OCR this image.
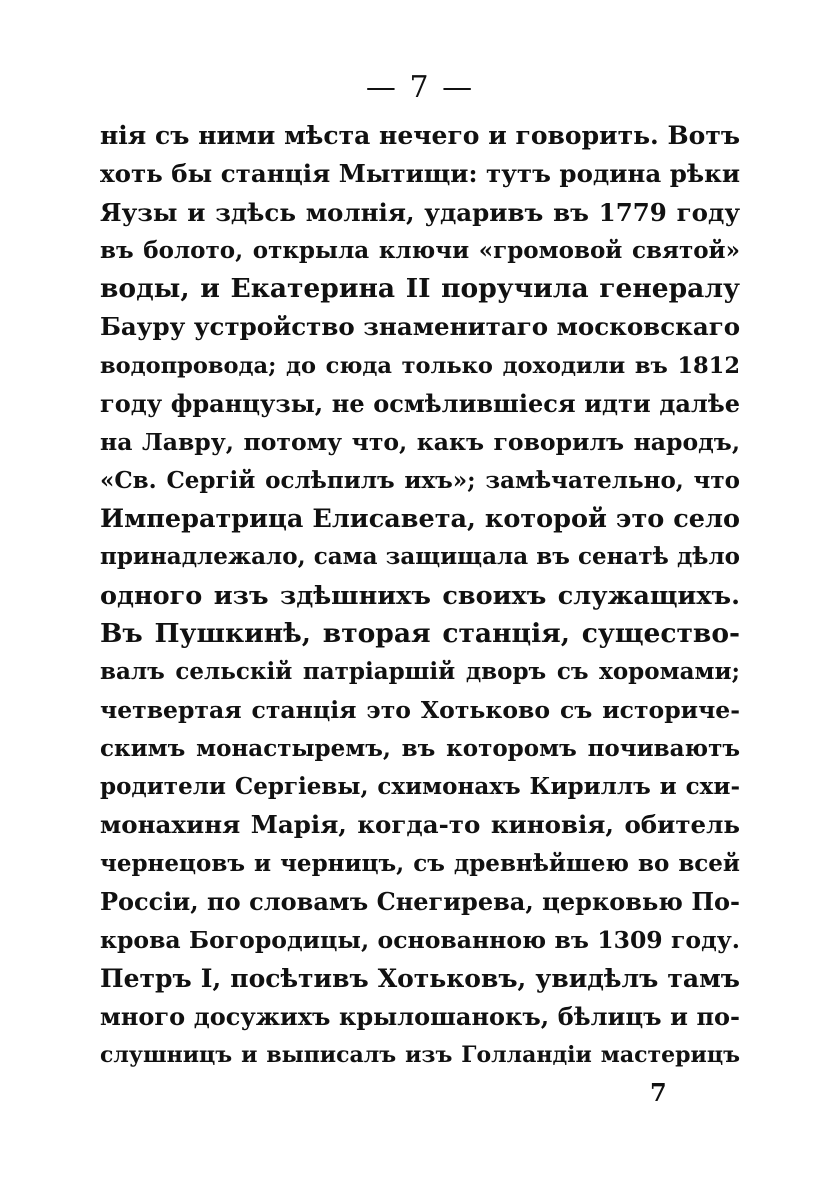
— 7 —
нія съ ними мѣста нечего и говорить. Вотъ
хоть бы станція Мытищи: тутъ родина рѣки
Яузы и здѣсь молнія, ударивъ въ 1779 году
въ болото, открыла ключи «громовой святой»
воды, и Екатерина II поручила генералу
Бауру устройство знаменитаго московскаго
водопровода; до сюда только доходили въ 1812
году французы, не осмѣлившіеся идти далѣе
на Лавру, потому что, какъ говорилъ народъ,
«Св. Сергій ослѣпилъ ихъ»; замѣчательно, что
Императрица Елисавета, которой это село
принадлежало, сама защищала въ сенатѣ дѣло
одного изъ здѣшнихъ своихъ служащихъ.
Въ Пушкинѣ, вторая станція, существо-
валъ сельскій патріаршій дворъ съ хоромами;
четвертая станція это Хотьково съ историче-
скимъ монастыремъ, въ которомъ почиваютъ
родители Сергіевы, схимонахъ Кириллъ и схи-
монахиня Марія, когда-то киновія, обитель
чернецовъ и черницъ, съ древнѣйшею во всей
Россіи, по словамъ Снегирева, церковью По-
крова Богородицы, основанною въ 1309 году.
Петръ I, посѣтивъ Хотьковъ, увидѣлъ тамъ
много досужихъ крылошанокъ, бѣлицъ и по-
слушницъ и выписалъ изъ Голландіи мастерицъ
7
